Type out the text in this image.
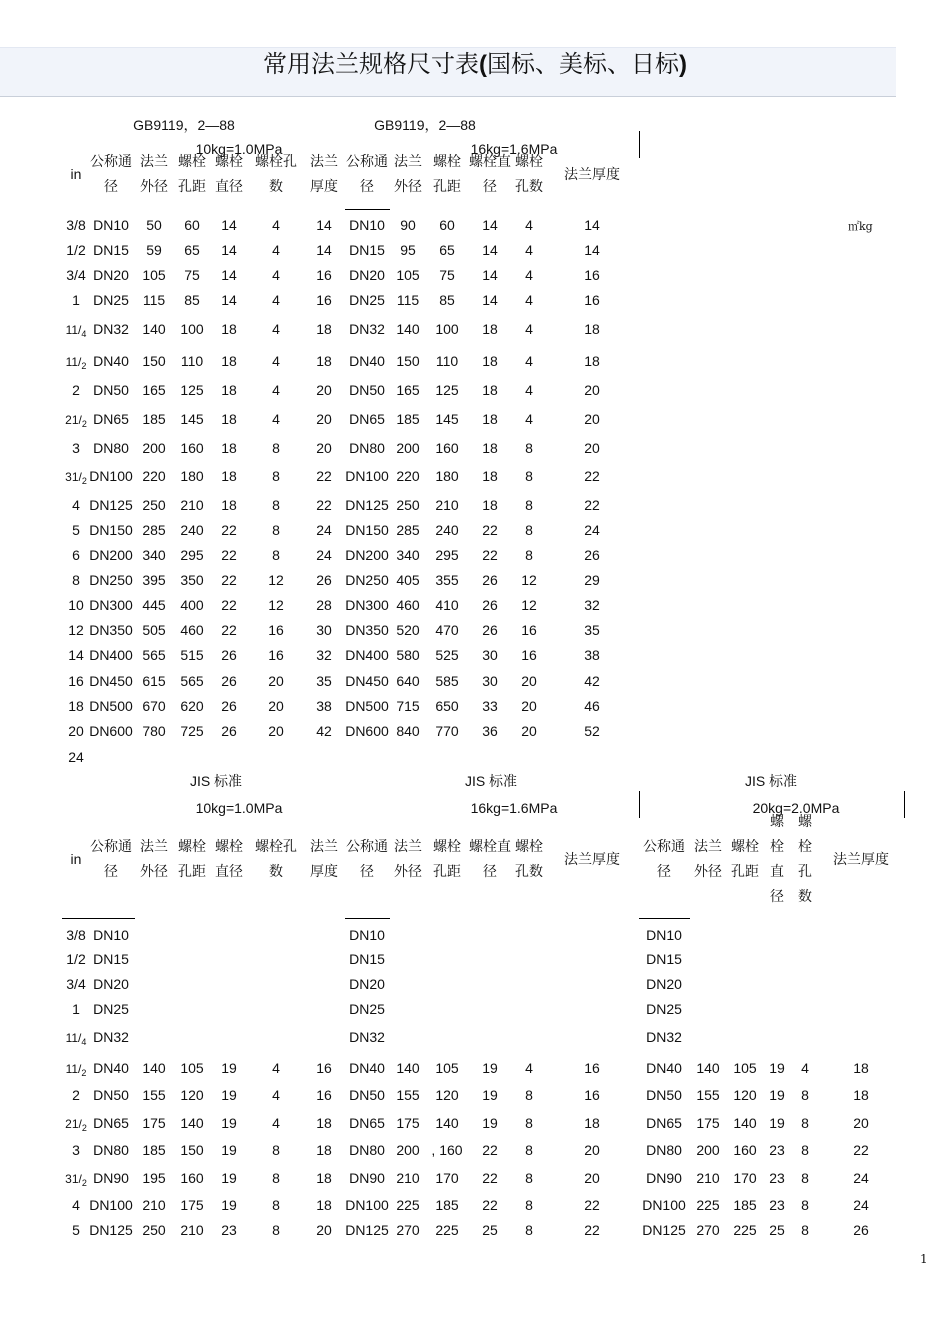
常用法兰规格尺寸表(国标、美标、日标)
GB9119，2—88	GB9119，2—88
10kg=1.0MPa	16kg=1.6MPa
㎡kg
in
公称通
径
法兰
外径
螺栓
孔距
螺栓
直径
螺栓孔
数
法兰
厚度
公称通
径
法兰
外径
螺栓
孔距
螺栓直
径
螺栓
孔数
法兰厚度
3/8 DN10 50 60 14	4	14 DN10 90 60 14 4	14
1/2 DN15 59 65 14	4	14 DN15 95 65 14 4	14
3/4 DN20 105 75 14	4	16 DN20 105 75 14 4	16
1 DN25 115 85 14	4	16 DN25 115 85 14 4	16
$11/_4$ DN32 140 100 18	4	18 DN32 140 100 18 4	18
$11/_2$ DN40 150 110 18	4	18 DN40 150 110 18 4	18
2 DN50 165 125 18	4	20 DN50 165 125 18 4	20
$21/_2$ DN65 185 145 18	4	20 DN65 185 145 18 4	20
3 DN80 200 160 18	8	20 DN80 200 160 18 8	20
$31/_2$ DN100 220 180 18	8	22 DN100 220 180 18 8	22
4 DN125 250 210 18	8	22 DN125 250 210 18 8	22
5 DN150 285 240 22	8	24 DN150 285 240 22 8	24
6 DN200 340 295 22	8	24 DN200 340 295 22 8	26
8 DN250 395 350 22 12 26 DN250 405 355 26 12	29
10 DN300 445 400 22 12 28 DN300 460 410 26 12	32
12 DN350 505 460 22 16 30 DN350 520 470 26 16	35
14 DN400 565 515 26 16 32 DN400 580 525 30 16	38
16 DN450 615 565 26 20 35 DN450 640 585 30 20	42
18 DN500 670 620 26 20 38 DN500 715 650 33 20	46
20 DN600 780 725 26 20 42 DN600 840 770 36 20	52
24
JIS 标准	JIS 标准	JIS 标准
10kg=1.0MPa	16kg=1.6MPa	20kg=2.0MPa
in
公称通
径
法兰
外径
螺栓
孔距
螺栓
直径
螺栓孔
数
法兰
厚度
公称通
径
法兰
外径
螺栓
孔距
螺栓直
径
螺栓
孔数
法兰厚度
公称通
径
法兰
外径
螺栓
孔距
螺
栓
直
径
螺
栓
孔
数
法兰厚度
3/8 DN10	DN10	DN10
1/2 DN15	DN15	DN15
3/4 DN20	DN20	DN20
1 DN25	DN25	DN25
$11/_4$ DN32	DN32	DN32
$11/_2$ DN40 140 105 19	4	16 DN40 140 105 19 4	16	DN40 140 105 19 4	18
2 DN50 155 120 19	4	16 DN50 155 120 19 8	16	DN50 155 120 19 8	18
$21/_2$ DN65 175 140 19	4	18 DN65 175 140 19 8	18	DN65 175 140 19 8	20
3 DN80 185 150 19	8	18 DN80 200 , 160 22 8	20	DN80 200 160 23 8	22
$31/_2$ DN90 195 160 19	8	18 DN90 210 170 22 8	20	DN90 210 170 23 8	24
4 DN100 210 175 19	8	18 DN100 225 185 22 8	22	DN100 225 185 23 8	24
5 DN125 250 210 23	8	20 DN125 270 225 25 8	22	DN125 270 225 25 8	26
1
